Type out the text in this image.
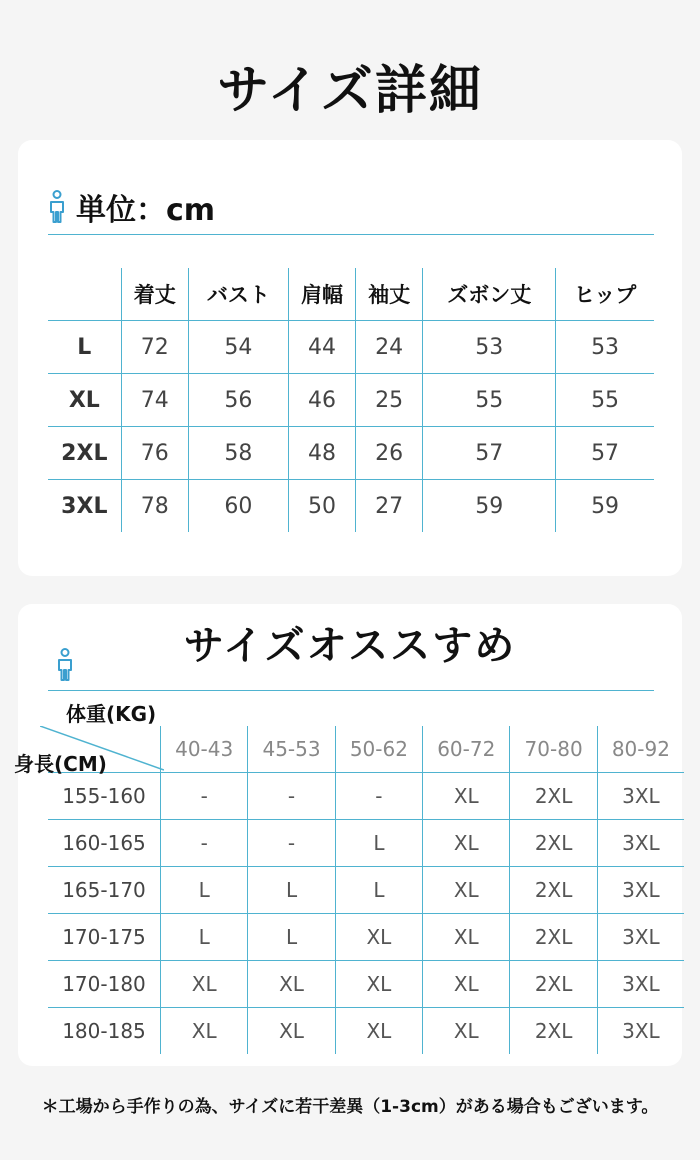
サイズ詳細
単位：cm
	着丈	バスト	肩幅	袖丈	ズボン丈	ヒップ
L	72	54	44	24	53	53
XL	74	56	46	25	55	55
2XL	76	58	48	26	57	57
3XL	78	60	50	27	59	59
サイズオススすめ
体重(KG)
身長(CM)	40-43	45-53	50-62	60-72	70-80	80-92
155-160	-	-	-	XL	2XL	3XL
160-165	-	-	L	XL	2XL	3XL
165-170	L	L	L	XL	2XL	3XL
170-175	L	L	XL	XL	2XL	3XL
170-180	XL	XL	XL	XL	2XL	3XL
180-185	XL	XL	XL	XL	2XL	3XL
＊工場から手作りの為、サイズに若干差異（1-3cm）がある場合もございます。
